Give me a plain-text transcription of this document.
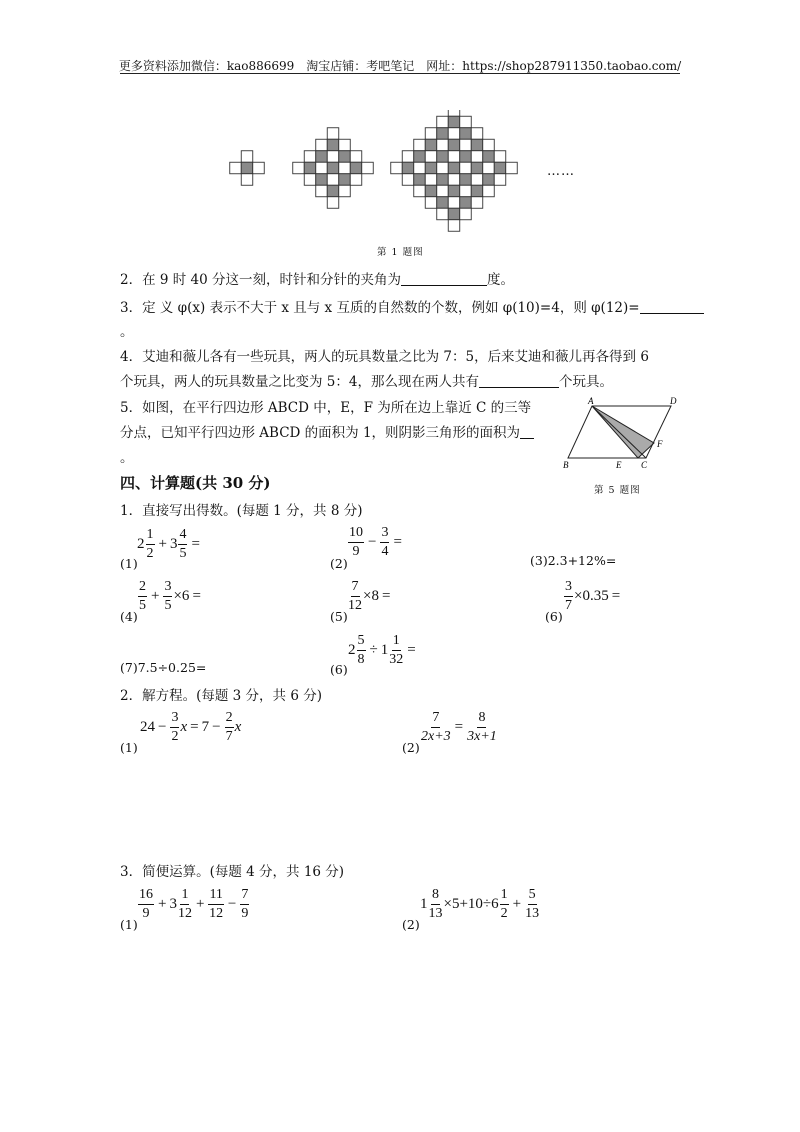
更多资料添加微信：kao886699　淘宝店铺：考吧笔记　网址：https://shop287911350.taobao.com/
……
第 1 题图
2．在 9 时 40 分这一刻，时针和分针的夹角为	度。
3．定 义 φ(x) 表示不大于 x 且与 x 互质的自然数的个数，例如 φ(10)=4，则 φ(12)=
。
4．艾迪和薇儿各有一些玩具，两人的玩具数量之比为 7：5，后来艾迪和薇儿再各得到 6
个玩具，两人的玩具数量之比变为 5：4，那么现在两人共有	个玩具。
5．如图，在平行四边形 ABCD 中，E，F 为所在边上靠近 C 的三等
分点，已知平行四边形 ABCD 的面积为 1，则阴影三角形的面积为
。
A	D
B	E C
F
第 5 题图
四、计算题(共 30 分)
1．直接写出得数。(每题 1 分，共 8 分)
(1)
$2 \frac{1}{2} + 3 \frac{4}{5}$ =
(2)
$\frac{10}{9} - \frac{3}{4}$ =
(3)2.3+12%=
(4)
$\frac{2}{5} + \frac{3}{5} \times 6$ =
(5)
$\frac{7}{12} \times 8$ =
(6)
$\frac{3}{7} \times 0.35$ =
(7)7.5÷0.25=	(6)
$2 \frac{5}{8} \div 1 \frac{1}{32}$ =
2．解方程。(每题 3 分，共 6 分)
(1)
$24 - \frac{3}{2}$ $x = 7 - \frac{2}{7}$ x
(2)
$\frac{7}{2x+3} = \frac{8}{3x+1}$
3．简便运算。(每题 4 分，共 16 分)
(1)
$\frac{16}{9} + 3 \frac{1}{12} + \frac{11}{12} - \frac{7}{9}$
(2)
$1 \frac{8}{13} \times 5+10\div 6 \frac{1}{2} + \frac{5}{13}$
